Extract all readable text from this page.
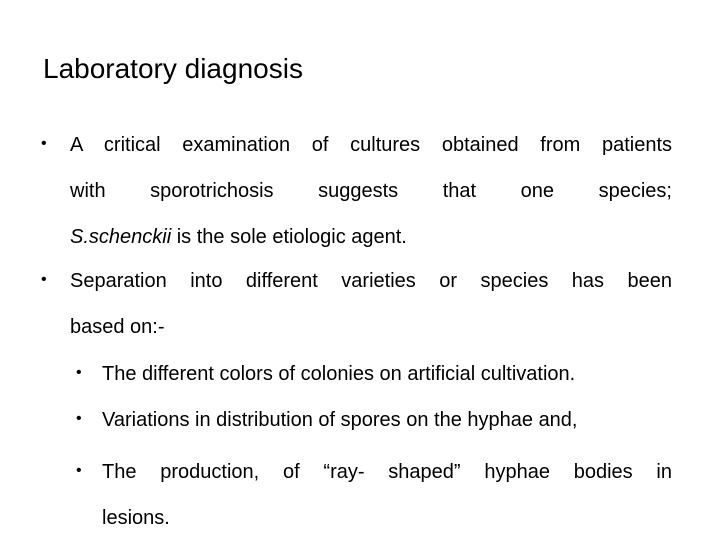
Laboratory diagnosis
• A critical examination of cultures obtained from patients
with sporotrichosis suggests that one species;
S.schenckii is the sole etiologic agent.
• Separation into different varieties or species has been
based on:-
• The different colors of colonies on artificial cultivation.
• Variations in distribution of spores on the hyphae and,
• The production, of “ray- shaped” hyphae bodies in
lesions.
